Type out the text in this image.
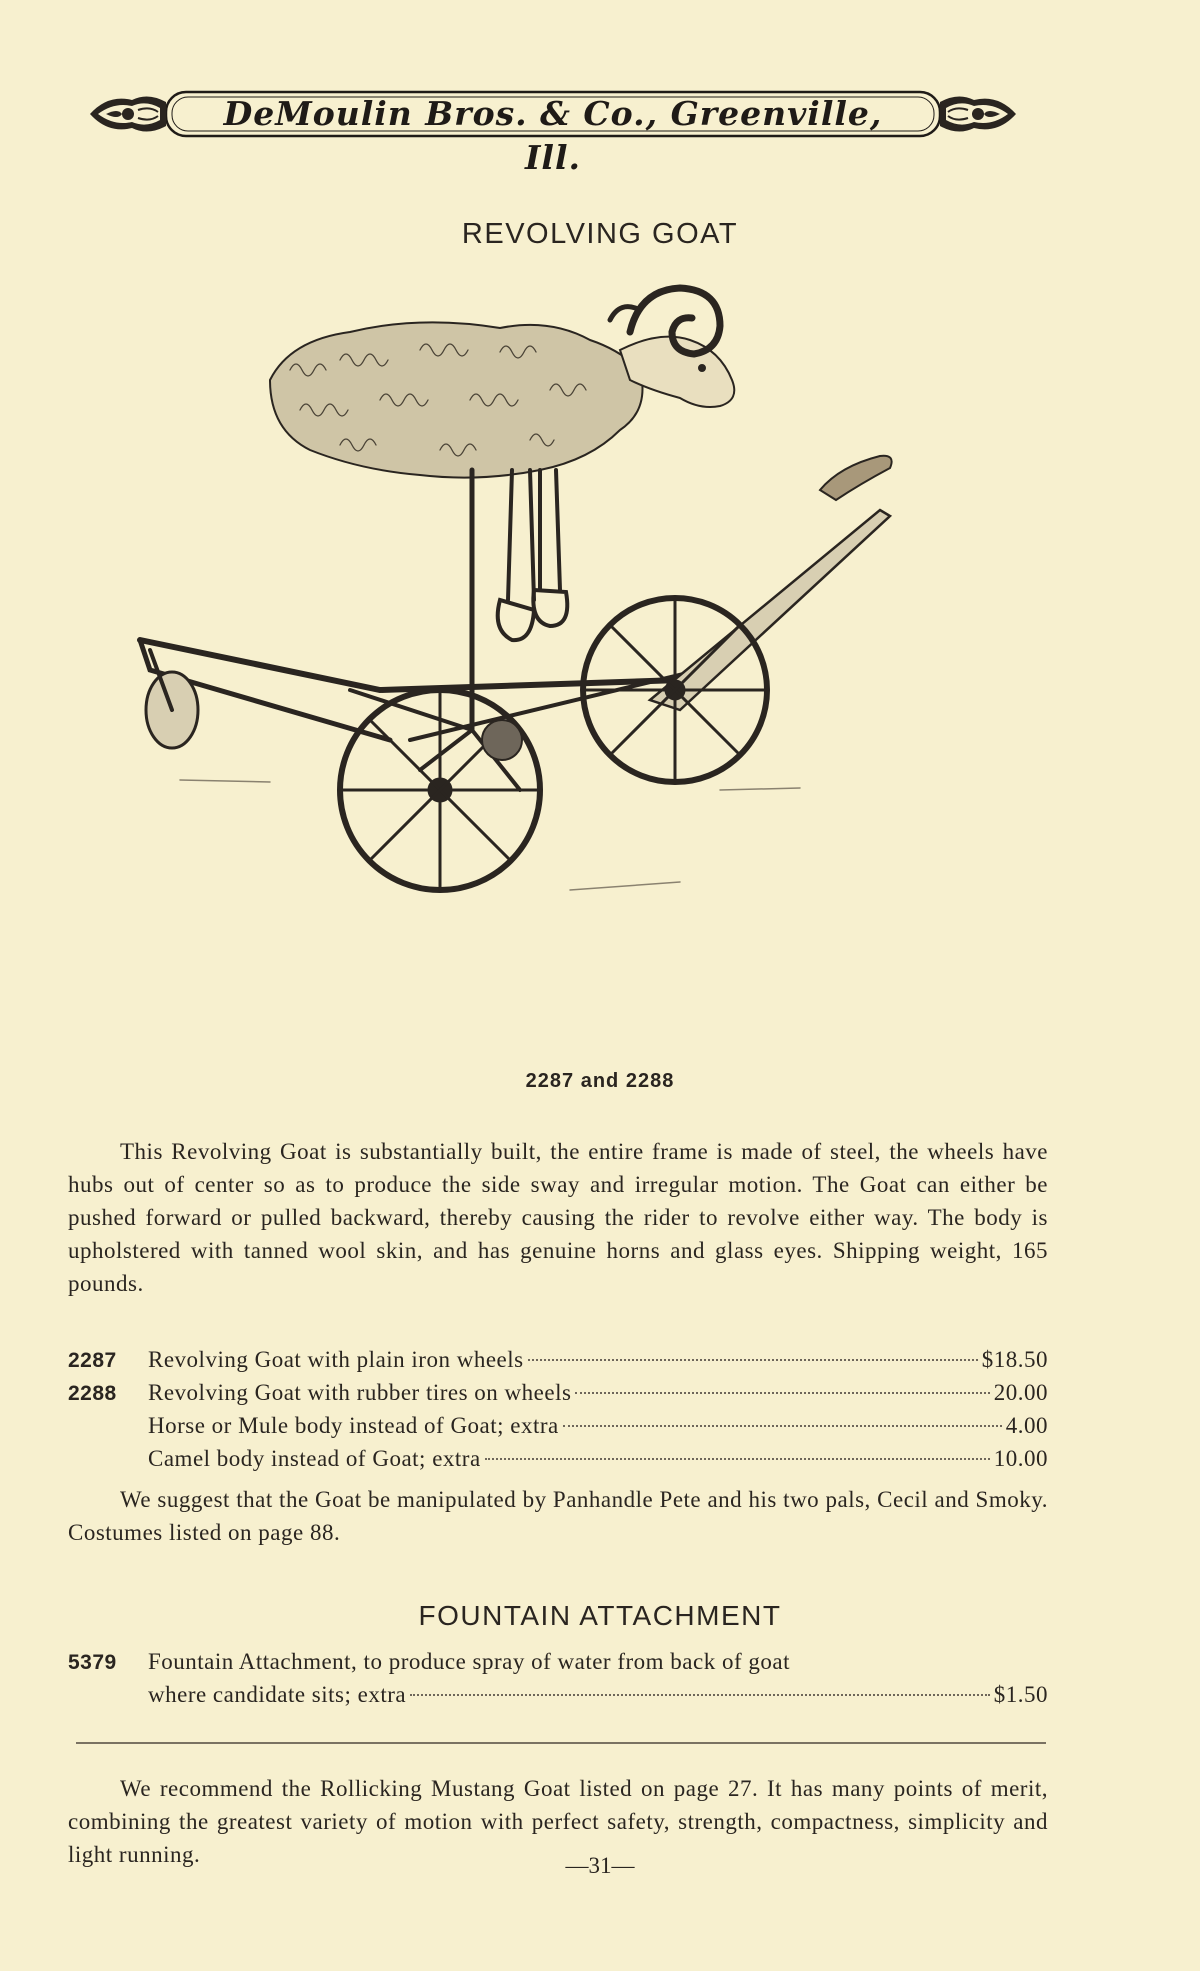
DeMoulin Bros. & Co., Greenville, Ill.
REVOLVING GOAT
2287 and 2288
This Revolving Goat is substantially built, the entire frame is made of steel, the wheels have hubs out of center so as to produce the side sway and irregular motion. The Goat can either be pushed forward or pulled backward, thereby causing the rider to revolve either way. The body is upholstered with tanned wool skin, and has genuine horns and glass eyes. Shipping weight, 165 pounds.
2287	Revolving Goat with plain iron wheels	$18.50
2288	Revolving Goat with rubber tires on wheels	20.00
Horse or Mule body instead of Goat; extra	4.00
Camel body instead of Goat; extra	10.00
We suggest that the Goat be manipulated by Panhandle Pete and his two pals, Cecil and Smoky. Costumes listed on page 88.
FOUNTAIN ATTACHMENT
5379	Fountain Attachment, to produce spray of water from back of goat
where candidate sits; extra	$1.50
We recommend the Rollicking Mustang Goat listed on page 27. It has many points of merit, combining the greatest variety of motion with perfect safety, strength, compactness, simplicity and light running.	—31—
